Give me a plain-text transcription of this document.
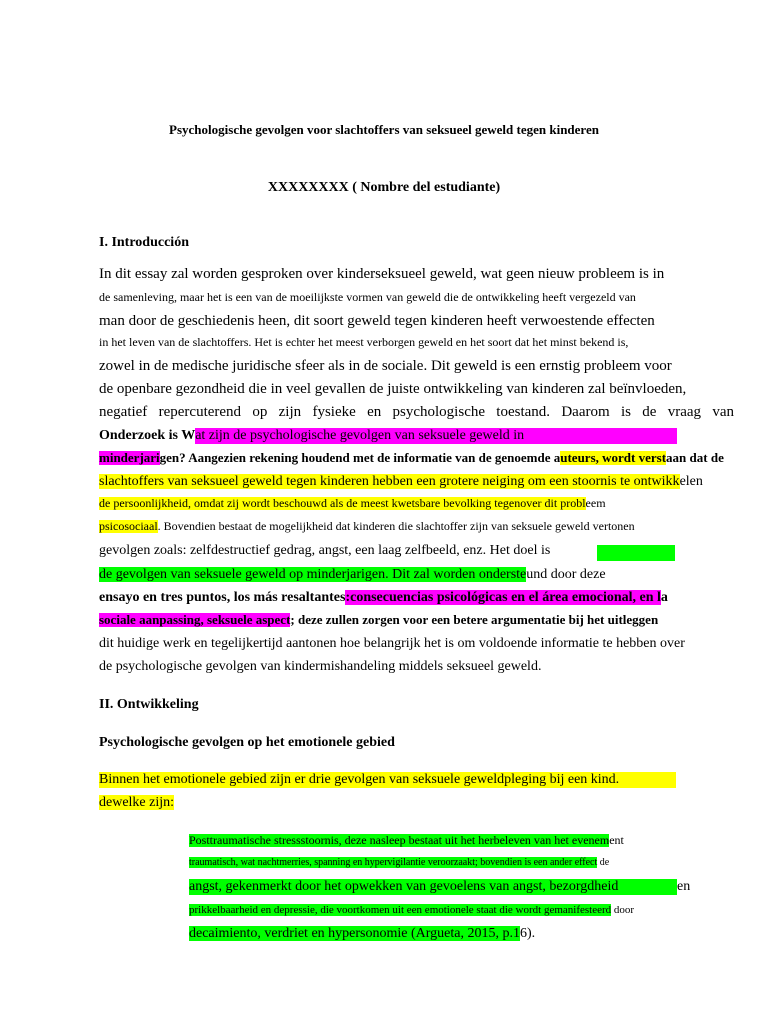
Psychologische gevolgen voor slachtoffers van seksueel geweld tegen kinderen
XXXXXXXX ( Nombre del estudiante)
I. Introducción
In dit essay zal worden gesproken over kinderseksueel geweld, wat geen nieuw probleem is in
de samenleving, maar het is een van de moeilijkste vormen van geweld die de ontwikkeling heeft vergezeld van
man door de geschiedenis heen, dit soort geweld tegen kinderen heeft verwoestende effecten
in het leven van de slachtoffers. Het is echter het meest verborgen geweld en het soort dat het minst bekend is,
zowel in de medische juridische sfeer als in de sociale. Dit geweld is een ernstig probleem voor
de openbare gezondheid die in veel gevallen de juiste ontwikkeling van kinderen zal beïnvloeden,
negatief repercuterend op zijn fysieke en psychologische toestand. Daarom is de vraag van
Onderzoek is Wat zijn de psychologische gevolgen van seksuele geweld in
minderjarigen? Aangezien rekening houdend met de informatie van de genoemde auteurs, wordt verstaan dat de
slachtoffers van seksueel geweld tegen kinderen hebben een grotere neiging om een stoornis te ontwikkelen
de persoonlijkheid, omdat zij wordt beschouwd als de meest kwetsbare bevolking tegenover dit probleem
psicosociaal. Bovendien bestaat de mogelijkheid dat kinderen die slachtoffer zijn van seksuele geweld vertonen
gevolgen zoals: zelfdestructief gedrag, angst, een laag zelfbeeld, enz. Het doel is
de gevolgen van seksuele geweld op minderjarigen. Dit zal worden ondersteund door deze
ensayo en tres puntos, los más resaltantes:consecuencias psicológicas en el área emocional, en la
sociale aanpassing, seksuele aspect; deze zullen zorgen voor een betere argumentatie bij het uitleggen
dit huidige werk en tegelijkertijd aantonen hoe belangrijk het is om voldoende informatie te hebben over
de psychologische gevolgen van kindermishandeling middels seksueel geweld.
II. Ontwikkeling
Psychologische gevolgen op het emotionele gebied
Binnen het emotionele gebied zijn er drie gevolgen van seksuele geweldpleging bij een kind.
dewelke zijn:
Posttraumatische stressstoornis, deze nasleep bestaat uit het herbeleven van het evenement
traumatisch, wat nachtmerries, spanning en hypervigilantie veroorzaakt; bovendien is een ander effect de
angst, gekenmerkt door het opwekken van gevoelens van angst, bezorgdheid	en
prikkelbaarheid en depressie, die voortkomen uit een emotionele staat die wordt gemanifesteerd door
decaimiento, verdriet en hypersonomie (Argueta, 2015, p.16).
